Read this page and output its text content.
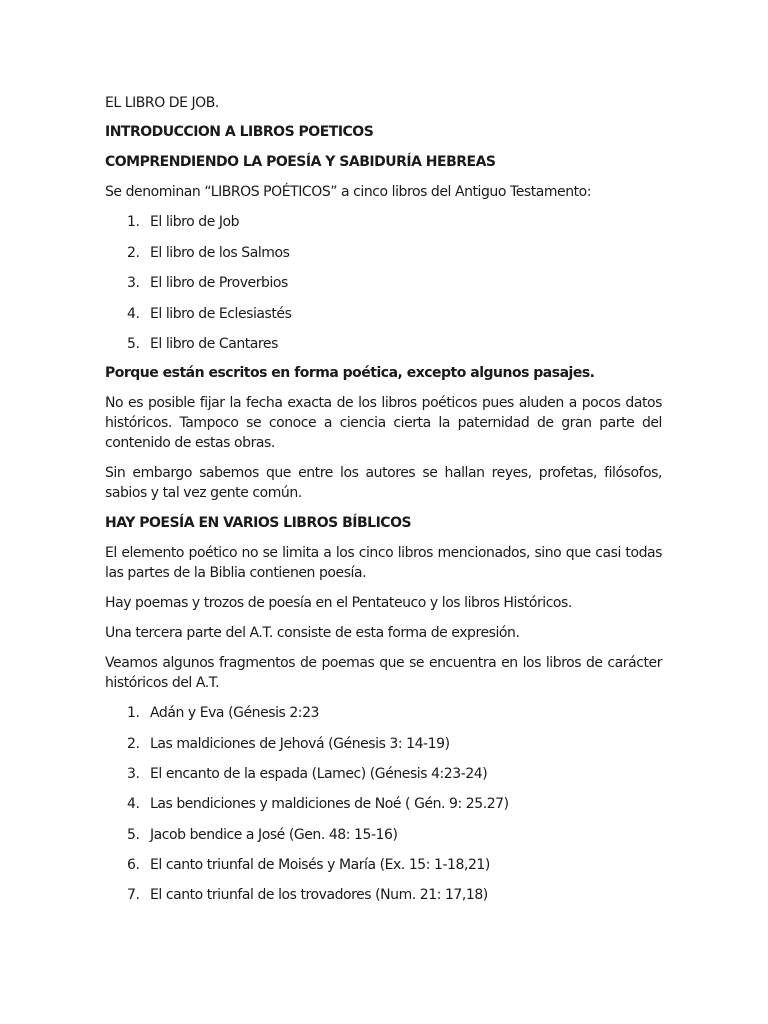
EL LIBRO DE JOB.

INTRODUCCION A LIBROS POETICOS

COMPRENDIENDO LA POESÍA Y SABIDURÍA HEBREAS

Se denominan “LIBROS POÉTICOS” a cinco libros del Antiguo Testamento:

1. El libro de Job
2. El libro de los Salmos
3. El libro de Proverbios
4. El libro de Eclesiastés
5. El libro de Cantares

Porque están escritos en forma poética, excepto algunos pasajes.

No es posible fijar la fecha exacta de los libros poéticos pues aluden a pocos datos históricos. Tampoco se conoce a ciencia cierta la paternidad de gran parte del contenido de estas obras.

Sin embargo sabemos que entre los autores se hallan reyes, profetas, filósofos, sabios y tal vez gente común.

HAY POESÍA EN VARIOS LIBROS BÍBLICOS

El elemento poético no se limita a los cinco libros mencionados, sino que casi todas las partes de la Biblia contienen poesía.

Hay poemas y trozos de poesía en el Pentateuco y los libros Históricos.

Una tercera parte del A.T. consiste de esta forma de expresión.

Veamos algunos fragmentos de poemas que se encuentra en los libros de carácter históricos del A.T.

1. Adán y Eva (Génesis 2:23
2. Las maldiciones de Jehová (Génesis 3: 14-19)
3. El encanto de la espada (Lamec) (Génesis 4:23-24)
4. Las bendiciones y maldiciones de Noé ( Gén. 9: 25.27)
5. Jacob bendice a José (Gen. 48: 15-16)
6. El canto triunfal de Moisés y María (Ex. 15: 1-18,21)
7. El canto triunfal de los trovadores (Num. 21: 17,18)
